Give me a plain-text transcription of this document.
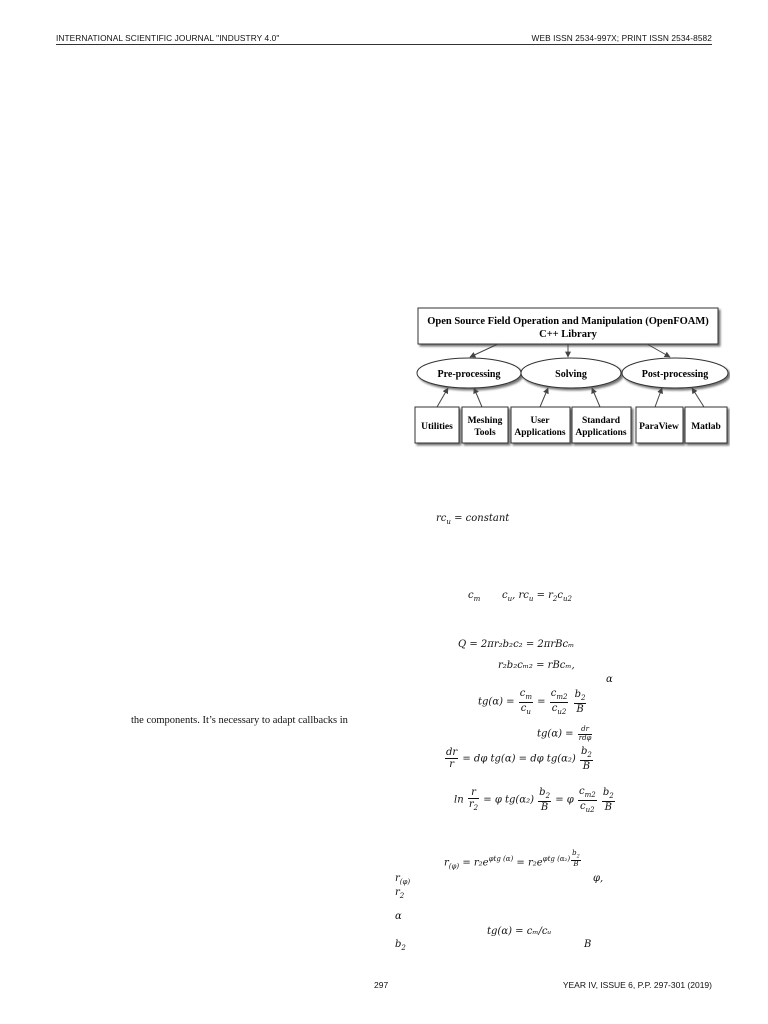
INTERNATIONAL SCIENTIFIC JOURNAL "INDUSTRY 4.0"	WEB ISSN 2534-997X; PRINT ISSN 2534-8582
Open Source Field Operation and Manipulation (OpenFOAM)
C++ Library
Pre-processing	Solving	Post-processing
Utilities
Meshing
Tools
User
Applications
Standard
Applications
ParaView Matlab
$rc_u$ = constant
$c_m$ $c_u$, $rc_u = r_2c_{u2}$
Q = 2πr₂b₂c₂ = 2πrBcₘ
r₂b₂cₘ₂ = rBcₘ,
α
$tg(\alpha) = \frac{c_m}{c_u} = \frac{c_{m2}}{c_{u2}}$
$\frac{b_2}{B}$
the components. It’s necessary to adapt callbacks in
$tg(\alpha) = \frac{dr}{\text{rdφ}}$
$\frac{dr}{r} = d\varphi$ tg(α) = dφ $tg(\alpha_2) \frac{b_2}{B}$
$\ln \frac{r}{r_2} = \varphi$ $tg(\alpha_2) \frac{b_2}{B} = \varphi \frac{c_{m2}}{c_{u2}}$
$\frac{b_2}{B}$
$r_{(\varphi)} = r_2e^{\varphi tg (\alpha)} = r_2e^{\varphi tg (\alpha_2) \frac{b_2}{B}}$
$r_{(\varphi)}$	φ,
$r_2$
α
tg(α) = cₘ/cᵤ
$b_2$	B
297	YEAR IV, ISSUE 6, P.P. 297-301 (2019)
